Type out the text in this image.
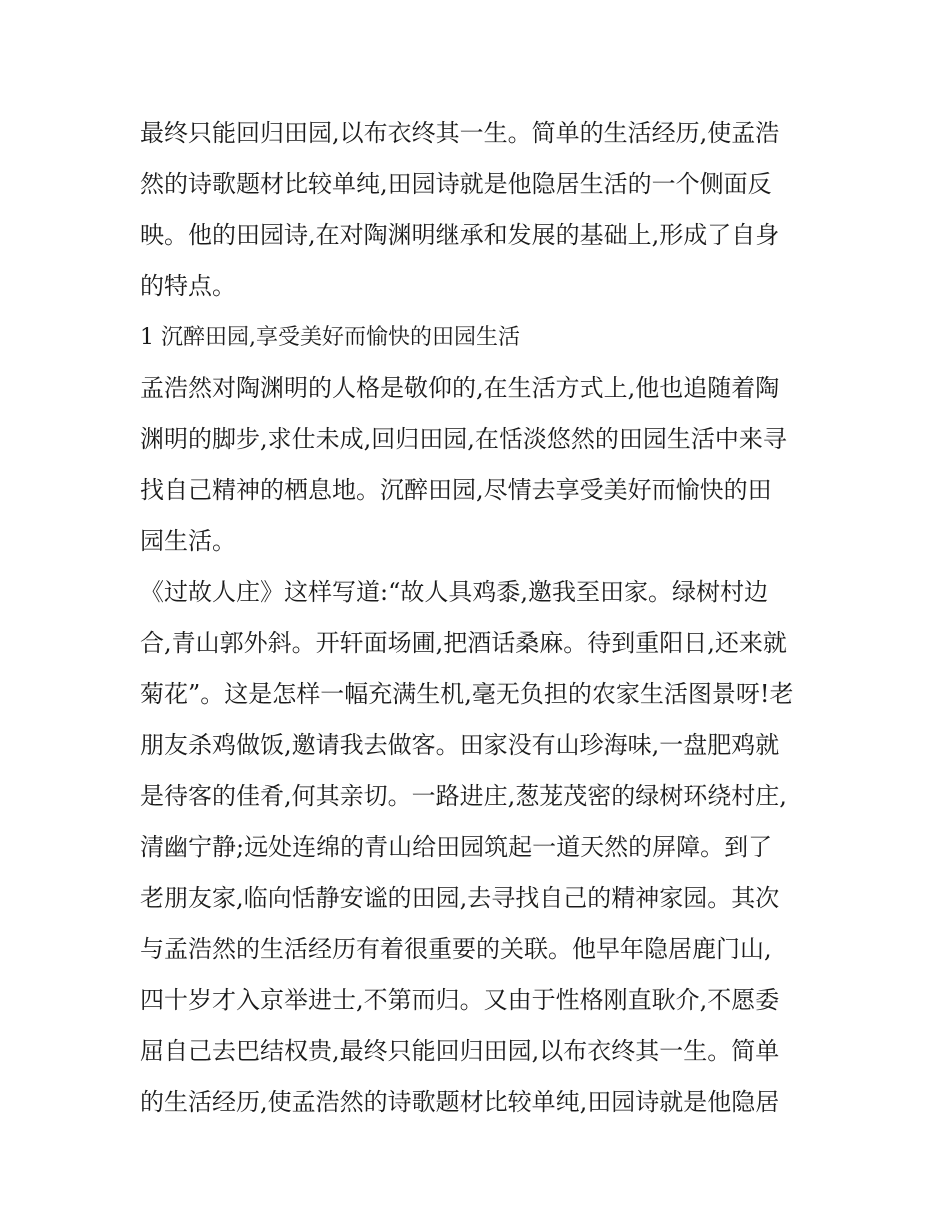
最终只能回归田园,以布衣终其一生。简单的生活经历,使孟浩
然的诗歌题材比较单纯,田园诗就是他隐居生活的一个侧面反
映。他的田园诗,在对陶渊明继承和发展的基础上,形成了自身
的特点。
1 沉醉田园,享受美好而愉快的田园生活
孟浩然对陶渊明的人格是敬仰的,在生活方式上,他也追随着陶
渊明的脚步,求仕未成,回归田园,在恬淡悠然的田园生活中来寻
找自己精神的栖息地。沉醉田园,尽情去享受美好而愉快的田
园生活。
《过故人庄》这样写道:“故人具鸡黍,邀我至田家。绿树村边
合,青山郭外斜。开轩面场圃,把酒话桑麻。待到重阳日,还来就
菊花”。这是怎样一幅充满生机,毫无负担的农家生活图景呀!老
朋友杀鸡做饭,邀请我去做客。田家没有山珍海味,一盘肥鸡就
是待客的佳肴,何其亲切。一路进庄,葱茏茂密的绿树环绕村庄,
清幽宁静;远处连绵的青山给田园筑起一道天然的屏障。到了
老朋友家,临向恬静安谧的田园,去寻找自己的精神家园。其次
与孟浩然的生活经历有着很重要的关联。他早年隐居鹿门山,
四十岁才入京举进士,不第而归。又由于性格刚直耿介,不愿委
屈自己去巴结权贵,最终只能回归田园,以布衣终其一生。简单
的生活经历,使孟浩然的诗歌题材比较单纯,田园诗就是他隐居
